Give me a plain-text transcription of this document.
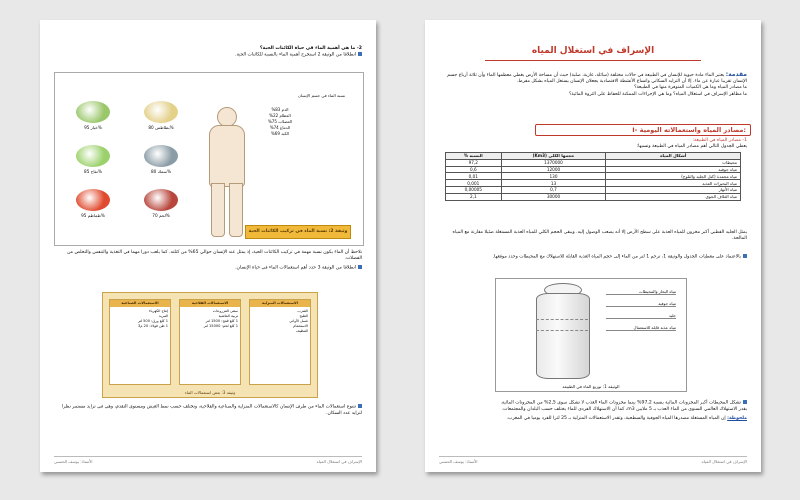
2- ما هي أهمية الماء في حياة الكائنات الحية؟

انطلاقا من الوثيقة 2 استخرج أهمية الماء بالنسبة للكائنات الحية.

نسبة الماء في جسم الإنسان
الدم 83%
العظام 22%
العضلات 75%
الدماغ 74%
الكبد 69%
خيار 95%	بطاطس 80%
سمك 80%
تفاح 85%
لحم 70%
طماطم 95%
وثيقة 2: نسبة الماء في تركيب الكائنات الحية

نلاحظ أن الماء يكون نسبة مهمة في تركيب الكائنات الحية، إذ يمثل عند الإنسان حوالي 65% من كتلته. كما يلعب دورا مهما في التغذية والتنفس والتخلص من الفضلات.

انطلاقا من الوثيقة 3 حدد أهم استعمالات الماء في حياة الإنسان.

الاستعمالات المنزلية
الشرب
الطبخ
غسل الأواني
الاستحمام
التنظيف
الاستعمالات الفلاحية
سقي المزروعات
تربية الماشية
1 كلغ قمح: 1500 لتر
1 كلغ لحم: 15000 لتر
الاستعمالات الصناعية
إنتاج الكهرباء
التبريد
1 كلغ ورق: 500 لتر
1 طن فولاذ: 20 م3
وثيقة 3: بعض استعمالات الماء

تتنوع استعمالات الماء من طرف الإنسان كالاستعمالات المنزلية والصناعية والفلاحية، وتختلف حسب نمط العيش ومستوى التقدم، وهي في تزايد مستمر نظرا لتزايد عدد السكان.

الأستاذ: يوسف الحسني	الإسراف في استغلال المياه
الإسراف في استغلال المياه

مقدمة: يعتبر الماء مادة حيوية للإنسان في الطبيعة في حالات مختلفة (سائلة، غازية، صلبة) حيث أن مساحة الأرض يغطي معظمها الماء وأن ثلاثة أرباع جسم الإنسان تقريبا عبارة عن ماء. إلا أن التزايد السكاني واتساع الأنشطة الاقتصادية يجعلان الإنسان يستغل المياه بشكل مفرط.

ما مصادر المياه وما هي الكميات المتوفرة منها في الطبيعة؟

ما مظاهر الإسراف في استغلال المياه؟ وما هي الإجراءات الممكنة للحفاظ على الثروة المائية؟

I- مصادر المياه واستعمالاته اليومية:

1- مصادر المياه في الطبيعة:

يعطي الجدول التالي أهم مصادر المياه في الطبيعة ونسبها:

أشكال المياه	حجمها الكلي (Km3)	النسبة %
محيطات	1370000	97,2
مياه جوفية	12000	0,6
مياه مجمدة (كتل الجليد والثلوج)	130	0,01
مياه البحيرات العذبة	13	0,001
مياه الأنهار	0,7	0,00005
مياه الغلاف الجوي	30000	2,1

يمثل الجليد القطبي أكبر مخزون للمياه العذبة على سطح الأرض إلا أنه يصعب الوصول إليه. ويبقى الحجم الكلي للمياه العذبة المستغلة ضئيلا مقارنة مع المياه المالحة.

بالاعتماد على معطيات الجدول والوثيقة 1، ترجم 1 لتر من الماء إلى حجم المياه العذبة القابلة للاستهلاك مع المحيطات وحدد موقعها.

مياه البحار والمحيطات
مياه جوفية
جليد
مياه عذبة قابلة للاستعمال
الوثيقة 1: توزيع الماء في الطبيعة

تشكل المحيطات أكبر المخزونات المائية بنسبة 97,2% بينما مخزونات الماء العذب لا تشكل سوى 2,5% من المخزونات المائية.

يقدر الاستهلاك العالمي السنوي من الماء العذب بـ 5 ملايين m3، كما أن الاستهلاك الفردي للماء يختلف حسب البلدان والمجتمعات.

ملحوظة: إن المياه المستغلة مصدرها المياه الجوفية والسطحية، وتقدر الاستعمالات المنزلية بـ 25 لترا للفرد يوميا في المغرب.

الأستاذ: يوسف الحسني	الإسراف في استغلال المياه
